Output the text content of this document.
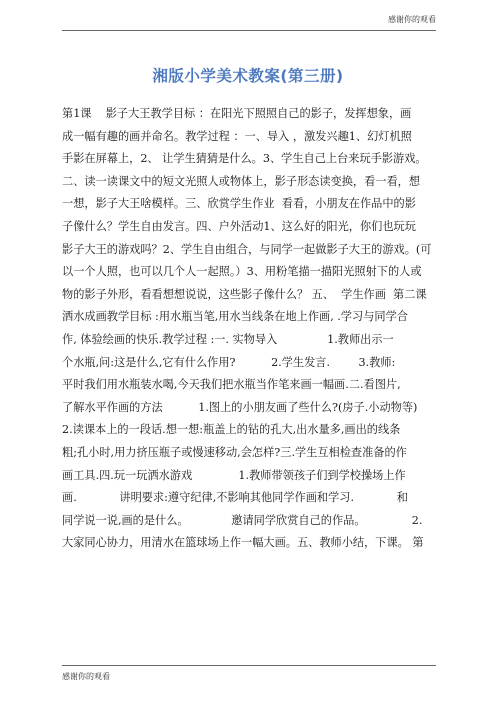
感谢你的观看
湘版小学美术教案(第三册)
第1课    影子大王教学目标 ：在阳光下照照自己的影子，发挥想象，画
成一幅有趣的画并命名。教学过程 ：一、导入 ，激发兴趣1、幻灯机照
手影在屏幕上，2、 让学生猜猜是什么。3、学生自己上台来玩手影游戏。
二、读一读课文中的短文光照人或物体上，影子形态读变换，看一看，想
一想，影子大王啥模样。三、欣赏学生作业  看看，小朋友在作品中的影
子像什么？学生自由发言。四、户外活动1、这么好的阳光，你们也玩玩
影子大王的游戏吗？2、学生自由组合，与同学一起做影子大王的游戏。(可
以一个人照，也可以几个人一起照。）3、用粉笔描一描阳光照射下的人或
物的影子外形，看看想想说说，这些影子像什么？ 五、  学生作画  第二课
洒水成画教学目标 :用水瓶当笔,用水当线条在地上作画, .学习与同学合
作, 体验绘画的快乐.教学过程 :一. 实物导入              1.教师出示一
个水瓶,问:这是什么,它有什么作用?          2.学生发言.        3.教师:
平时我们用水瓶装水喝,今天我们把水瓶当作笔来画一幅画.二.看图片,
了解水平作画的方法          1.图上的小朋友画了些什么?(房子.小动物等)
2.读课本上的一段话.想一想:瓶盖上的钻的孔大,出水量多,画出的线条
粗;孔小时,用力挤压瓶子或慢速移动,会怎样?三.学生互相检查准备的作
画工具.四.玩一玩洒水游戏             1.教师带领孩子们到学校操场上作
画.            讲明要求:遵守纪律,不影响其他同学作画和学习.            和
同学说一说,画的是什么。            邀请同学欣赏自己的作品。             2.
大家同心协力，用清水在篮球场上作一幅大画。五、教师小结，下课。 第
感谢你的观看
